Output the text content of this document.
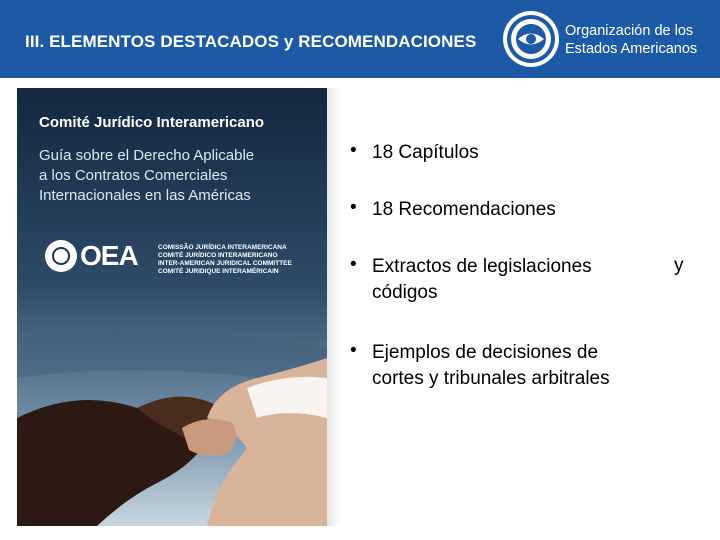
III. ELEMENTOS DESTACADOS y RECOMENDACIONES
Organización de los
Estados Americanos
Comité Jurídico Interamericano
Guía sobre el Derecho Aplicable
a los Contratos Comerciales
Internacionales en las Américas
OEA	COMISSÃO JURÍDICA INTERAMERICANA
COMITÉ JURÍDICO INTERAMERICANO
INTER-AMERICAN JURIDICAL COMMITTEE
COMITÉ JURIDIQUE INTERAMÉRICAIN
• 18 Capítulos
• 18 Recomendaciones
• Extractos de legislaciones
códigos
• Ejemplos de decisiones de
cortes y tribunales arbitrales
y
